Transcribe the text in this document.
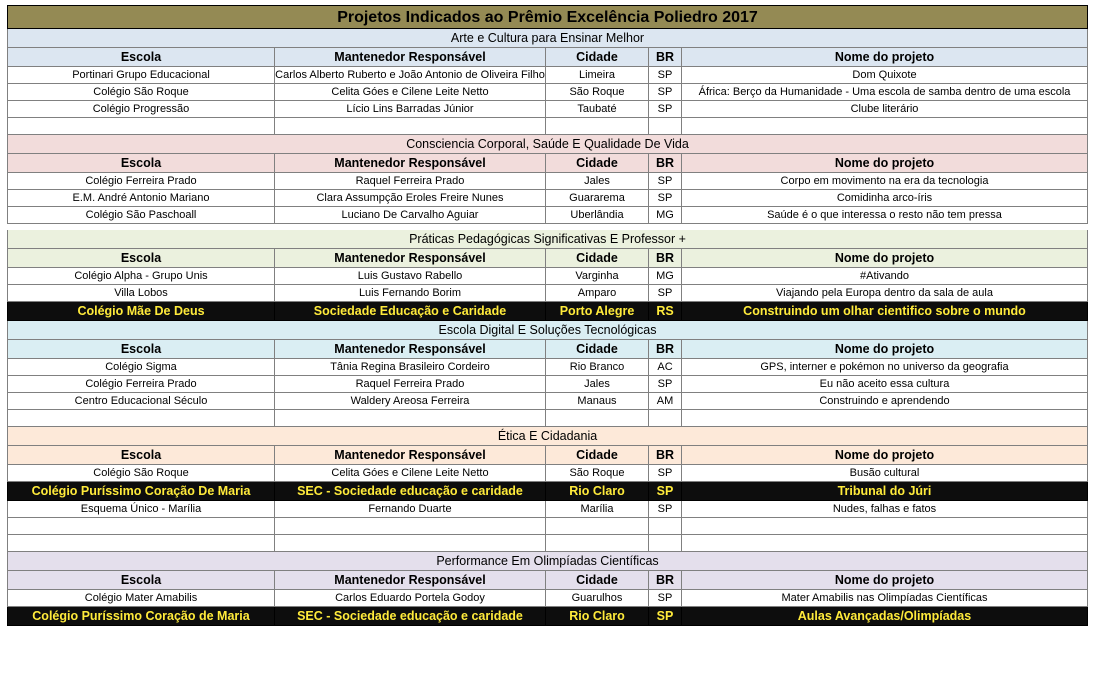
Projetos Indicados ao Prêmio Excelência Poliedro 2017
Arte e Cultura para Ensinar Melhor
Escola	Mantenedor Responsável	Cidade	BR	Nome do projeto
Portinari Grupo Educacional	Carlos Alberto Ruberto e João Antonio de Oliveira Filho	Limeira	SP	Dom Quixote
Colégio São Roque	Celita Góes e Cilene Leite Netto	São Roque	SP	África: Berço da Humanidade - Uma escola de samba dentro de uma escola
Colégio Progressão	Lício Lins Barradas Júnior	Taubaté	SP	Clube literário
Consciencia Corporal, Saúde E Qualidade De Vida
Escola	Mantenedor Responsável	Cidade	BR	Nome do projeto
Colégio Ferreira Prado	Raquel Ferreira Prado	Jales	SP	Corpo em movimento na era da tecnologia
E.M. André Antonio Mariano	Clara Assumpção Eroles Freire Nunes	Guararema	SP	Comidinha arco-íris
Colégio São Paschoall	Luciano De Carvalho Aguiar	Uberlândia	MG	Saúde é o que interessa o resto não tem pressa
Práticas Pedagógicas Significativas E Professor +
Escola	Mantenedor Responsável	Cidade	BR	Nome do projeto
Colégio Alpha - Grupo Unis	Luis Gustavo Rabello	Varginha	MG	#Ativando
Villa Lobos	Luis Fernando Borim	Amparo	SP	Viajando pela Europa dentro da sala de aula
Colégio Mãe De Deus	Sociedade Educação e Caridade	Porto Alegre	RS	Construindo um olhar cientifico sobre o mundo
Escola Digital E Soluções Tecnológicas
Escola	Mantenedor Responsável	Cidade	BR	Nome do projeto
Colégio Sigma	Tânia Regina Brasileiro Cordeiro	Rio Branco	AC	GPS, interner e pokémon no universo da geografia
Colégio Ferreira Prado	Raquel Ferreira Prado	Jales	SP	Eu não aceito essa cultura
Centro Educacional Século	Waldery Areosa Ferreira	Manaus	AM	Construindo e aprendendo
Ética E Cidadania
Escola	Mantenedor Responsável	Cidade	BR	Nome do projeto
Colégio São Roque	Celita Góes e Cilene Leite Netto	São Roque	SP	Busão cultural
Colégio Puríssimo Coração De Maria	SEC - Sociedade educação e caridade	Rio Claro	SP	Tribunal do Júri
Esquema Único - Marília	Fernando Duarte	Marília	SP	Nudes, falhas e fatos
Performance Em Olimpíadas Científicas
Escola	Mantenedor Responsável	Cidade	BR	Nome do projeto
Colégio Mater Amabilis	Carlos Eduardo Portela Godoy	Guarulhos	SP	Mater Amabilis nas Olimpíadas Científicas
Colégio Puríssimo Coração de Maria	SEC - Sociedade educação e caridade	Rio Claro	SP	Aulas Avançadas/Olimpíadas
